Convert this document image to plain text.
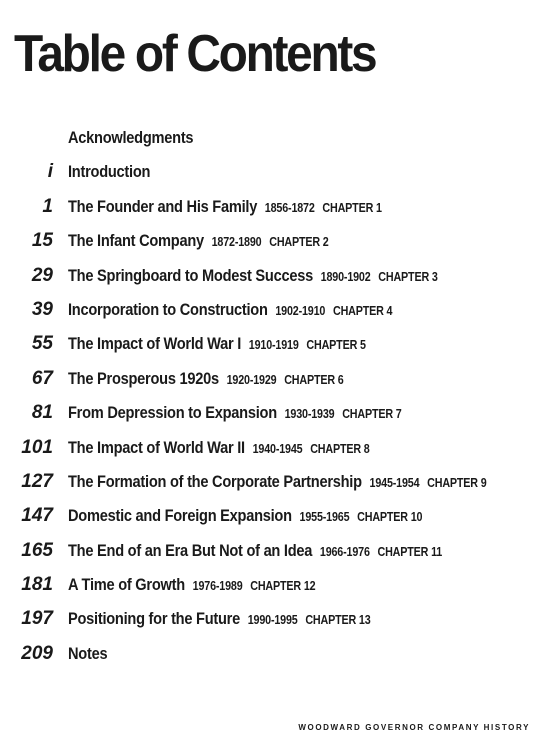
Table of Contents
Acknowledgments
i Introduction
1 The Founder and His Family 1856-1872 CHAPTER 1
15 The Infant Company 1872-1890 CHAPTER 2
29 The Springboard to Modest Success 1890-1902 CHAPTER 3
39 Incorporation to Construction 1902-1910 CHAPTER 4
55 The Impact of World War I 1910-1919 CHAPTER 5
67 The Prosperous 1920s 1920-1929 CHAPTER 6
81 From Depression to Expansion 1930-1939 CHAPTER 7
101 The Impact of World War II 1940-1945 CHAPTER 8
127 The Formation of the Corporate Partnership 1945-1954 CHAPTER 9
147 Domestic and Foreign Expansion 1955-1965 CHAPTER 10
165 The End of an Era But Not of an Idea 1966-1976 CHAPTER 11
181 A Time of Growth 1976-1989 CHAPTER 12
197 Positioning for the Future 1990-1995 CHAPTER 13
209 Notes
WOODWARD GOVERNOR COMPANY HISTORY
